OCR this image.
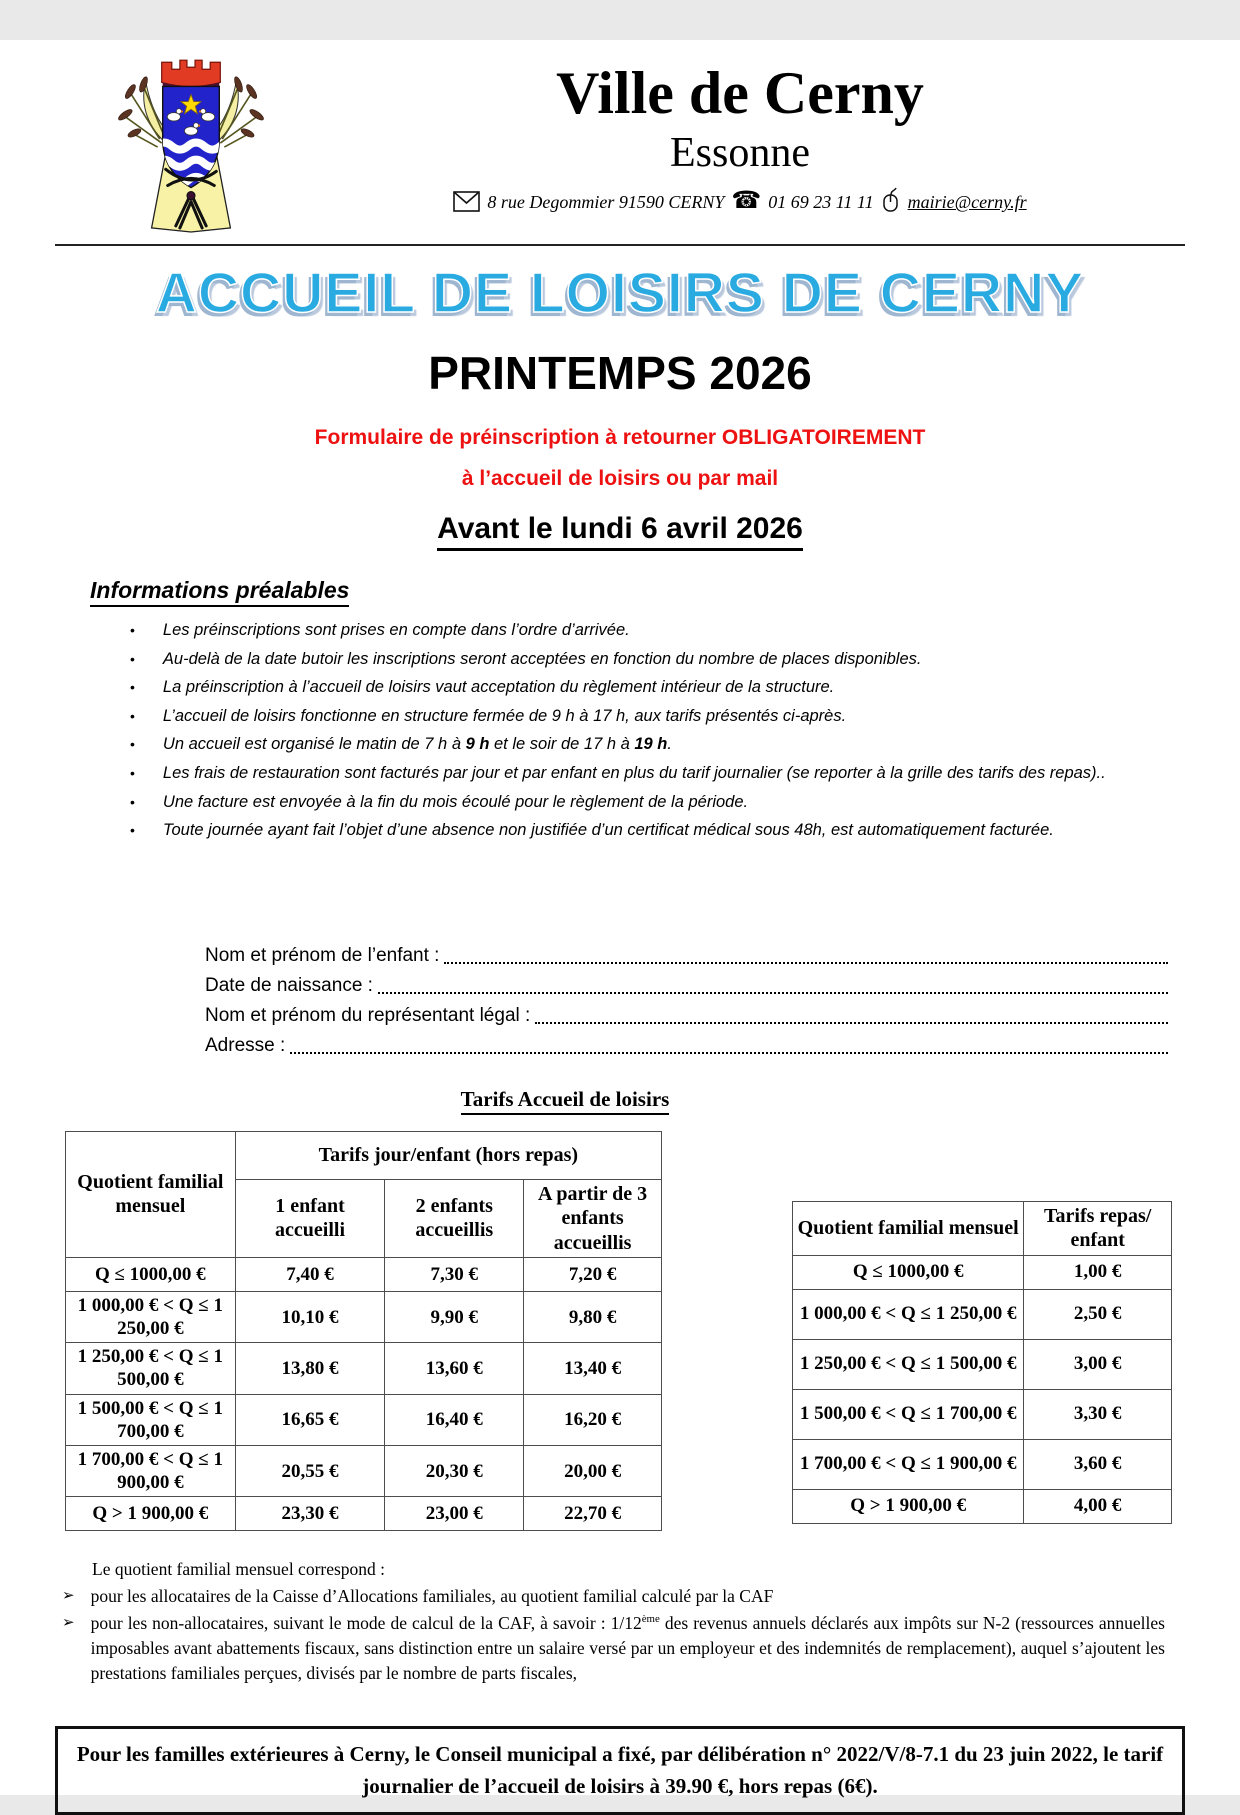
Ville de Cerny
Essonne
8 rue Degommier 91590 CERNY ☎ 01 69 23 11 11 mairie@cerny.fr
ACCUEIL DE LOISIRS DE CERNY
PRINTEMPS 2026
Formulaire de préinscription à retourner OBLIGATOIREMENT
à l’accueil de loisirs ou par mail
Avant le lundi 6 avril 2026
Informations préalables
• Les préinscriptions sont prises en compte dans l’ordre d’arrivée.
• Au-delà de la date butoir les inscriptions seront acceptées en fonction du nombre de places disponibles.
• La préinscription à l’accueil de loisirs vaut acceptation du règlement intérieur de la structure.
• L’accueil de loisirs fonctionne en structure fermée de 9 h à 17 h, aux tarifs présentés ci-après.
• Un accueil est organisé le matin de 7 h à 9 h et le soir de 17 h à 19 h.
• Les frais de restauration sont facturés par jour et par enfant en plus du tarif journalier (se reporter à la grille des tarifs des repas)..
• Une facture est envoyée à la fin du mois écoulé pour le règlement de la période.
• Toute journée ayant fait l’objet d’une absence non justifiée d’un certificat médical sous 48h, est automatiquement facturée.
Nom et prénom de l’enfant :
Date de naissance :
Nom et prénom du représentant légal :
Adresse :
Tarifs Accueil de loisirs
Quotient familial mensuel	Tarifs jour/enfant (hors repas)		
	1 enfant accueilli	2 enfants accueillis	A partir de 3 enfants accueillis
Q ≤ 1000,00 €	7,40 €	7,30 €	7,20 €
1 000,00 € < Q ≤ 1 250,00 €	10,10 €	9,90 €	9,80 €
1 250,00 € < Q ≤ 1 500,00 €	13,80 €	13,60 €	13,40 €
1 500,00 € < Q ≤ 1 700,00 €	16,65 €	16,40 €	16,20 €
1 700,00 € < Q ≤ 1 900,00 €	20,55 €	20,30 €	20,00 €
Q > 1 900,00 €	23,30 €	23,00 €	22,70 €
Quotient familial mensuel	Tarifs repas/ enfant
Q ≤ 1000,00 €	1,00 €
1 000,00 € < Q ≤ 1 250,00 €	2,50 €
1 250,00 € < Q ≤ 1 500,00 €	3,00 €
1 500,00 € < Q ≤ 1 700,00 €	3,30 €
1 700,00 € < Q ≤ 1 900,00 €	3,60 €
Q > 1 900,00 €	4,00 €

Le quotient familial mensuel correspond :

➢ pour les allocataires de la Caisse d’Allocations familiales, au quotient familial calculé par la CAF
➢ pour les non-allocataires, suivant le mode de calcul de la CAF, à savoir : 1/12ème des revenus annuels déclarés aux impôts sur N-2 (ressources annuelles imposables avant abattements fiscaux, sans distinction entre un salaire versé par un employeur et des indemnités de remplacement), auquel s’ajoutent les prestations familiales perçues, divisés par le nombre de parts fiscales,
Pour les familles extérieures à Cerny, le Conseil municipal a fixé, par délibération n° 2022/V/8-7.1 du 23 juin 2022, le tarif journalier de l’accueil de loisirs à 39.90 €, hors repas (6€).
